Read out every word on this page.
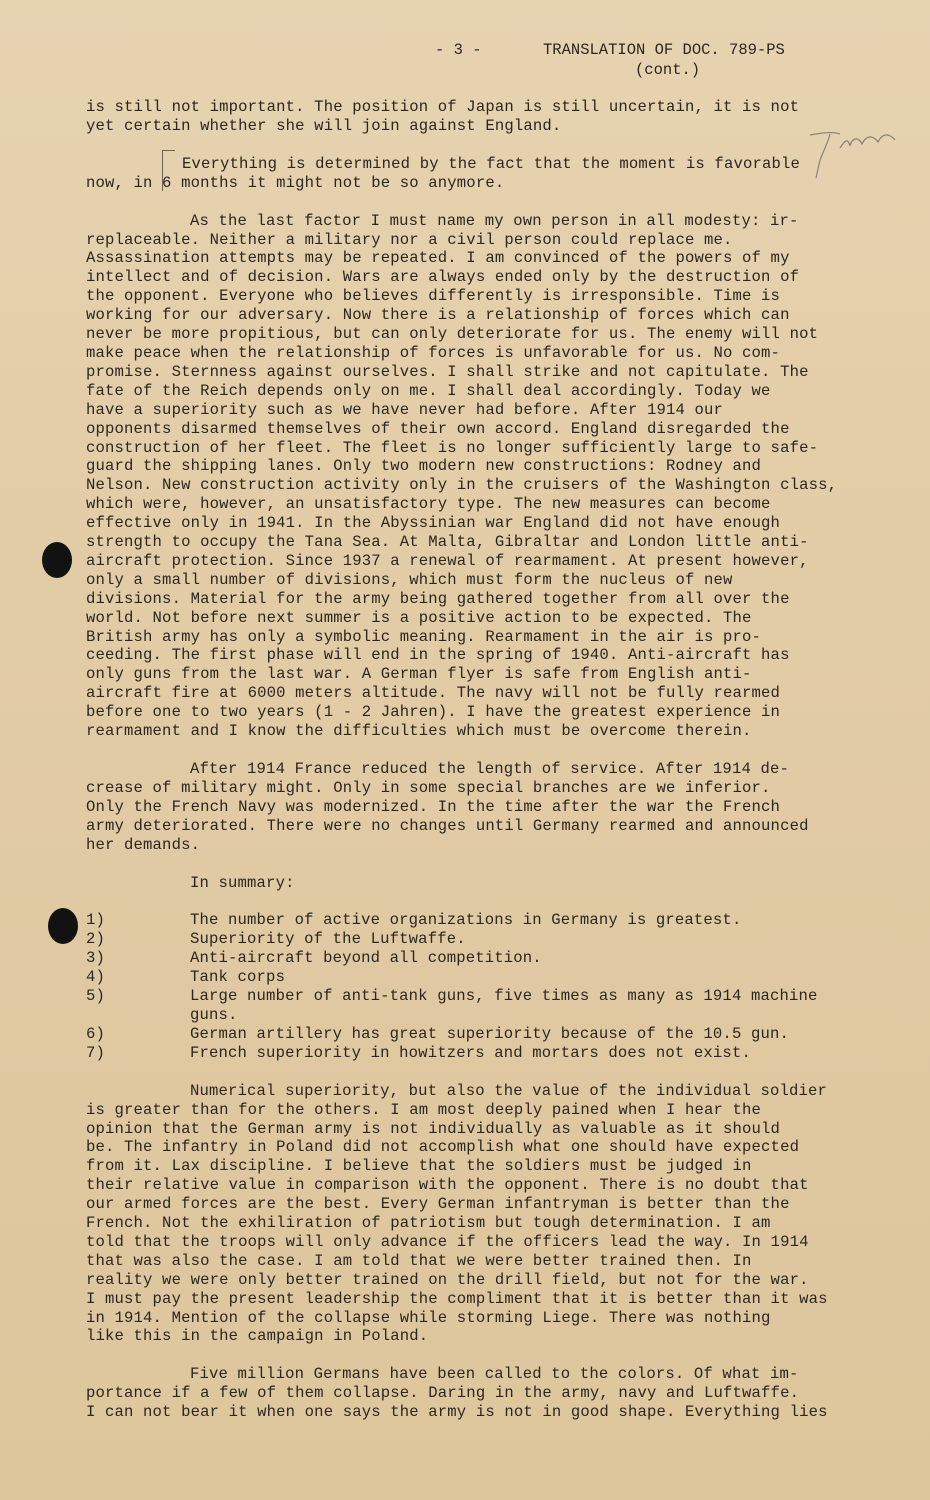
- 3 -	TRANSLATION OF DOC. 789-PS
(cont.)

is still not important. The position of Japan is still uncertain, it is not
yet certain whether she will join against England.

Everything is determined by the fact that the moment is favorable
now, in 6 months it might not be so anymore.

As the last factor I must name my own person in all modesty: ir-
replaceable. Neither a military nor a civil person could replace me.
Assassination attempts may be repeated. I am convinced of the powers of my
intellect and of decision. Wars are always ended only by the destruction of
the opponent. Everyone who believes differently is irresponsible. Time is
working for our adversary. Now there is a relationship of forces which can
never be more propitious, but can only deteriorate for us. The enemy will not
make peace when the relationship of forces is unfavorable for us. No com-
promise. Sternness against ourselves. I shall strike and not capitulate. The
fate of the Reich depends only on me. I shall deal accordingly. Today we
have a superiority such as we have never had before. After 1914 our
opponents disarmed themselves of their own accord. England disregarded the
construction of her fleet. The fleet is no longer sufficiently large to safe-
guard the shipping lanes. Only two modern new constructions: Rodney and
Nelson. New construction activity only in the cruisers of the Washington class,
which were, however, an unsatisfactory type. The new measures can become
effective only in 1941. In the Abyssinian war England did not have enough
strength to occupy the Tana Sea. At Malta, Gibraltar and London little anti-
aircraft protection. Since 1937 a renewal of rearmament. At present however,
only a small number of divisions, which must form the nucleus of new
divisions. Material for the army being gathered together from all over the
world. Not before next summer is a positive action to be expected. The
British army has only a symbolic meaning. Rearmament in the air is pro-
ceeding. The first phase will end in the spring of 1940. Anti-aircraft has
only guns from the last war. A German flyer is safe from English anti-
aircraft fire at 6000 meters altitude. The navy will not be fully rearmed
before one to two years (1 - 2 Jahren). I have the greatest experience in
rearmament and I know the difficulties which must be overcome therein.

After 1914 France reduced the length of service. After 1914 de-
crease of military might. Only in some special branches are we inferior.
Only the French Navy was modernized. In the time after the war the French
army deteriorated. There were no changes until Germany rearmed and announced
her demands.

In summary:

1)	The number of active organizations in Germany is greatest.
2)	Superiority of the Luftwaffe.
3)	Anti-aircraft beyond all competition.
4)	Tank corps
5)	Large number of anti-tank guns, five times as many as 1914 machine
guns.
6)	German artillery has great superiority because of the 10.5 gun.
7)	French superiority in howitzers and mortars does not exist.

Numerical superiority, but also the value of the individual soldier
is greater than for the others. I am most deeply pained when I hear the
opinion that the German army is not individually as valuable as it should
be. The infantry in Poland did not accomplish what one should have expected
from it. Lax discipline. I believe that the soldiers must be judged in
their relative value in comparison with the opponent. There is no doubt that
our armed forces are the best. Every German infantryman is better than the
French. Not the exhiliration of patriotism but tough determination. I am
told that the troops will only advance if the officers lead the way. In 1914
that was also the case. I am told that we were better trained then. In
reality we were only better trained on the drill field, but not for the war.
I must pay the present leadership the compliment that it is better than it was
in 1914. Mention of the collapse while storming Liege. There was nothing
like this in the campaign in Poland.

Five million Germans have been called to the colors. Of what im-
portance if a few of them collapse. Daring in the army, navy and Luftwaffe.
I can not bear it when one says the army is not in good shape. Everything lies
